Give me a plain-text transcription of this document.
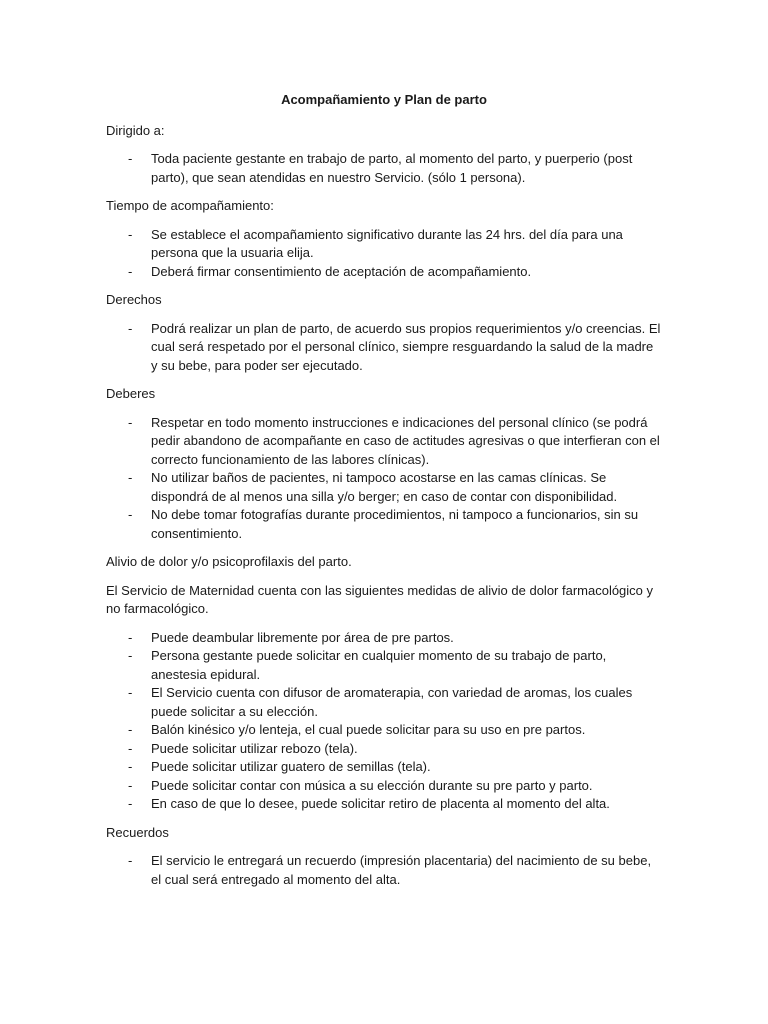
Acompañamiento y Plan de parto

Dirigido a:

- Toda paciente gestante en trabajo de parto, al momento del parto, y puerperio (post parto), que sean atendidas en nuestro Servicio. (sólo 1 persona).

Tiempo de acompañamiento:

- Se establece el acompañamiento significativo durante las 24 hrs. del día para una persona que la usuaria elija.
- Deberá firmar consentimiento de aceptación de acompañamiento.

Derechos

- Podrá realizar un plan de parto, de acuerdo sus propios requerimientos y/o creencias. El cual será respetado por el personal clínico, siempre resguardando la salud de la madre y su bebe, para poder ser ejecutado.

Deberes

- Respetar en todo momento instrucciones e indicaciones del personal clínico (se podrá pedir abandono de acompañante en caso de actitudes agresivas o que interfieran con el correcto funcionamiento de las labores clínicas).
- No utilizar baños de pacientes, ni tampoco acostarse en las camas clínicas. Se dispondrá de al menos una silla y/o berger; en caso de contar con disponibilidad.
- No debe tomar fotografías durante procedimientos, ni tampoco a funcionarios, sin su consentimiento.

Alivio de dolor y/o psicoprofilaxis del parto.

El Servicio de Maternidad cuenta con las siguientes medidas de alivio de dolor farmacológico y no farmacológico.

- Puede deambular libremente por área de pre partos.
- Persona gestante puede solicitar en cualquier momento de su trabajo de parto, anestesia epidural.
- El Servicio cuenta con difusor de aromaterapia, con variedad de aromas, los cuales puede solicitar a su elección.
- Balón kinésico y/o lenteja, el cual puede solicitar para su uso en pre partos.
- Puede solicitar utilizar rebozo (tela).
- Puede solicitar utilizar guatero de semillas (tela).
- Puede solicitar contar con música a su elección durante su pre parto y parto.
- En caso de que lo desee, puede solicitar retiro de placenta al momento del alta.

Recuerdos

- El servicio le entregará un recuerdo (impresión placentaria) del nacimiento de su bebe, el cual será entregado al momento del alta.
